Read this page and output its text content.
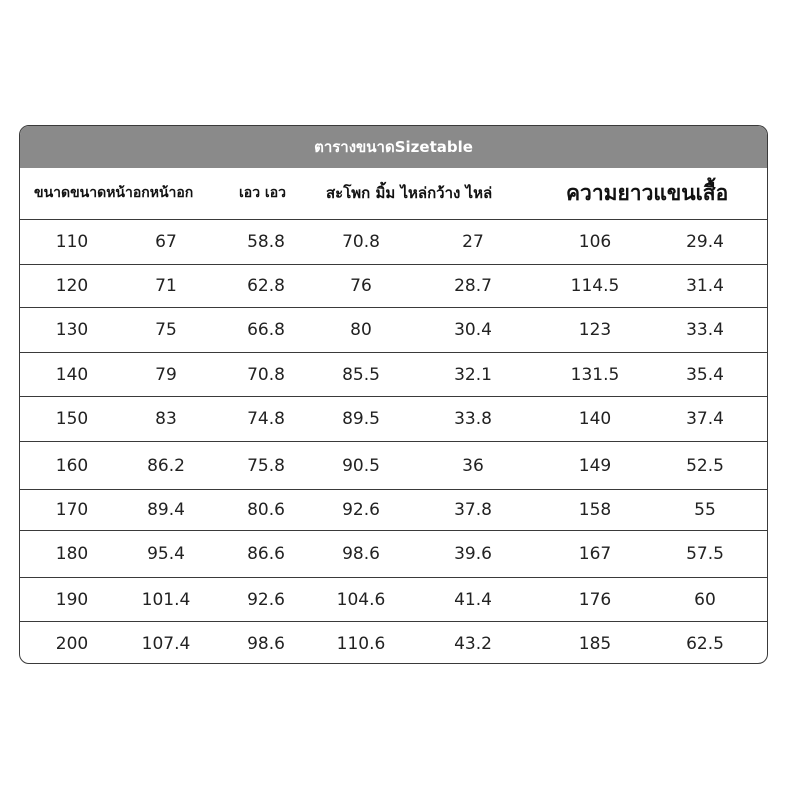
ตารางขนาดSizetable
ขนาดขนาดหน้าอกหน้าอก	เอว เอว	สะโพก มิ้ม ไหล่กว้าง ไหล่	ความยาวแขนเสื้อ
110	67	58.8	70.8	27	106	29.4
120	71	62.8	76	28.7	114.5	31.4
130	75	66.8	80	30.4	123	33.4
140	79	70.8	85.5	32.1	131.5	35.4
150	83	74.8	89.5	33.8	140	37.4
160	86.2	75.8	90.5	36	149	52.5
170	89.4	80.6	92.6	37.8	158	55
180	95.4	86.6	98.6	39.6	167	57.5
190	101.4	92.6	104.6	41.4	176	60
200	107.4	98.6	110.6	43.2	185	62.5
